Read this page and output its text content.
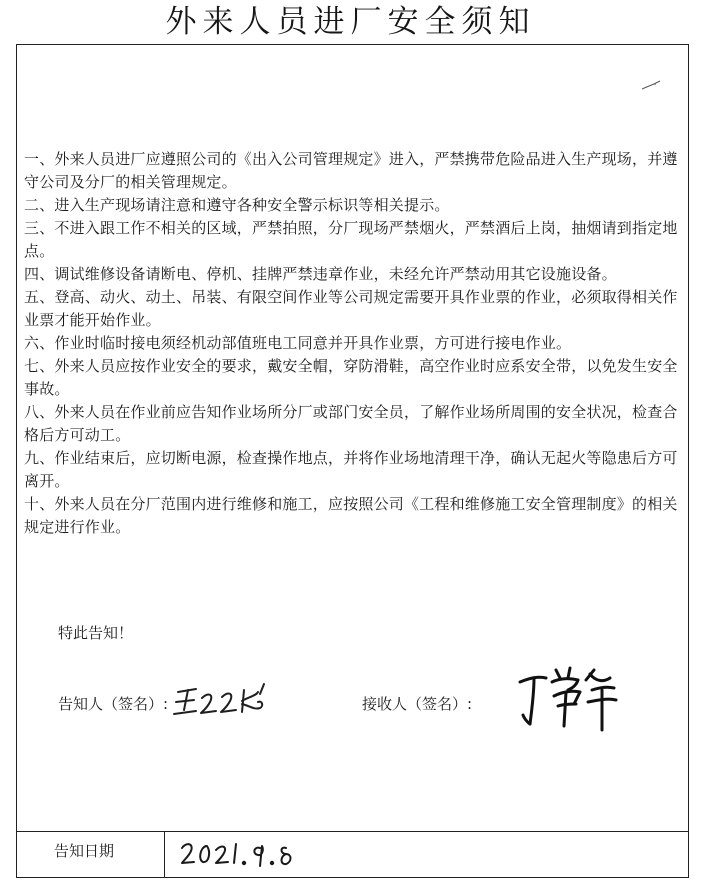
外来人员进厂安全须知

一、外来人员进厂应遵照公司的《出入公司管理规定》进入，严禁携带危险品进入生产现场，并遵守公司及分厂的相关管理规定。

二、进入生产现场请注意和遵守各种安全警示标识等相关提示。

三、不进入跟工作不相关的区域，严禁拍照，分厂现场严禁烟火，严禁酒后上岗，抽烟请到指定地点。

四、调试维修设备请断电、停机、挂牌严禁违章作业，未经允许严禁动用其它设施设备。

五、登高、动火、动土、吊装、有限空间作业等公司规定需要开具作业票的作业，必须取得相关作业票才能开始作业。

六、作业时临时接电须经机动部值班电工同意并开具作业票，方可进行接电作业。

七、外来人员应按作业安全的要求，戴安全帽，穿防滑鞋，高空作业时应系安全带，以免发生安全事故。

八、外来人员在作业前应告知作业场所分厂或部门安全员，了解作业场所周围的安全状况，检查合格后方可动工。

九、作业结束后，应切断电源，检查操作地点，并将作业场地清理干净，确认无起火等隐患后方可离开。

十、外来人员在分厂范围内进行维修和施工，应按照公司《工程和维修施工安全管理制度》的相关规定进行作业。

特此告知！
告知人（签名）:	接收人（签名）:
告知日期
